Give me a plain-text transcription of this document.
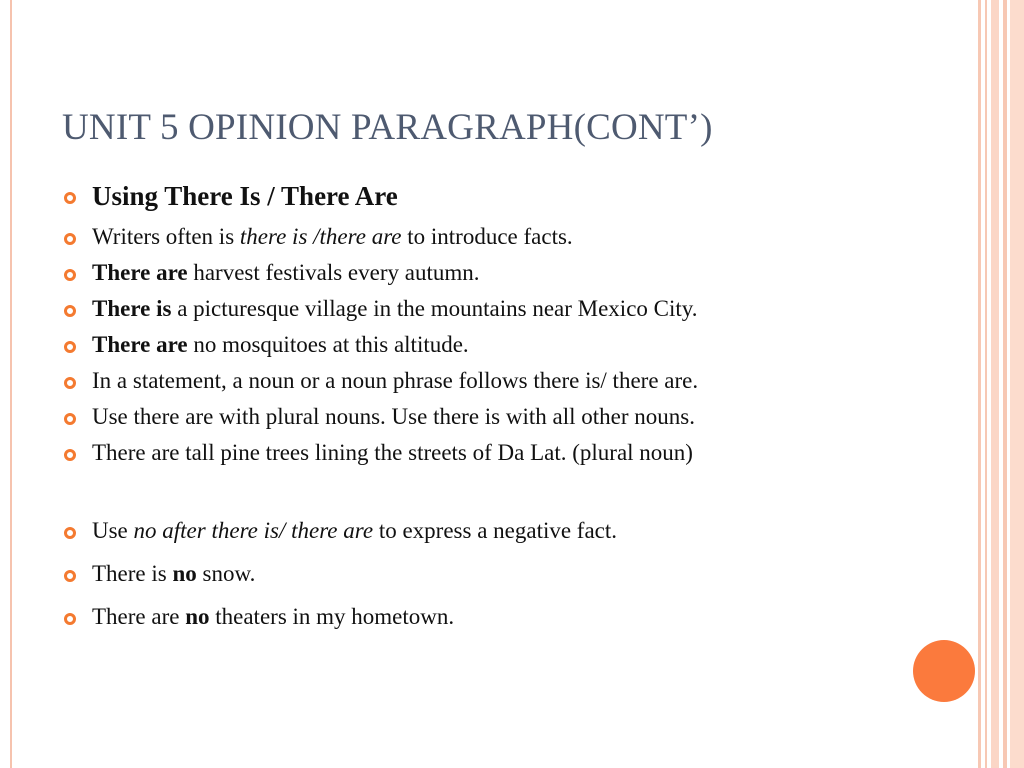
UNIT 5 OPINION PARAGRAPH(CONT’)
Using There Is / There Are
Writers often is there is /there are to introduce facts.
There are harvest festivals every autumn.
There is a picturesque village in the mountains near Mexico City.
There are no mosquitoes at this altitude.
In a statement, a noun or a noun phrase follows there is/ there are.
Use there are with plural nouns. Use there is with all other nouns.
There are tall pine trees lining the streets of Da Lat. (plural noun)
Use no after there is/ there are to express a negative fact.
There is no snow.
There are no theaters in my hometown.
